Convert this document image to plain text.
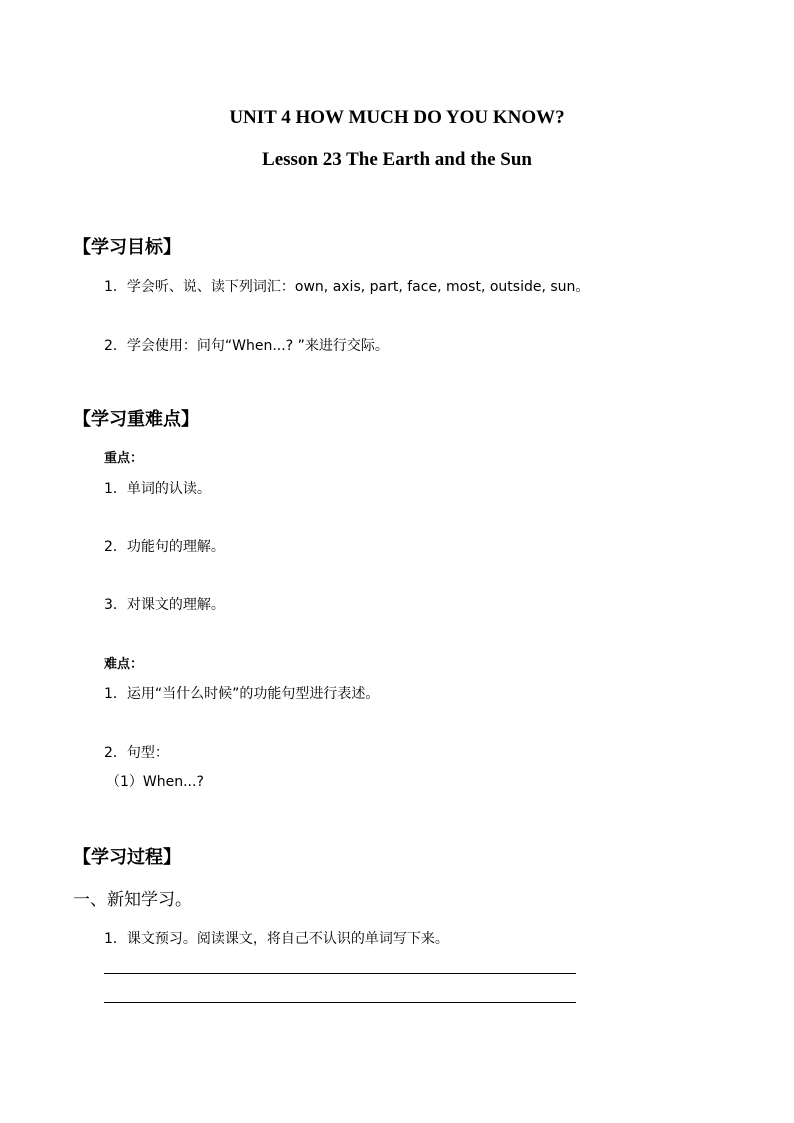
UNIT 4 HOW MUCH DO YOU KNOW?
Lesson 23 The Earth and the Sun
【学习目标】
1．学会听、说、读下列词汇：own, axis, part, face, most, outside, sun。
2．学会使用：问句“When...? ”来进行交际。
【学习重难点】
重点：
1．单词的认读。
2．功能句的理解。
3．对课文的理解。
难点：
1．运用“当什么时候”的功能句型进行表述。
2．句型：
（1）When...?
【学习过程】
一、新知学习。
1．课文预习。阅读课文，将自己不认识的单词写下来。
